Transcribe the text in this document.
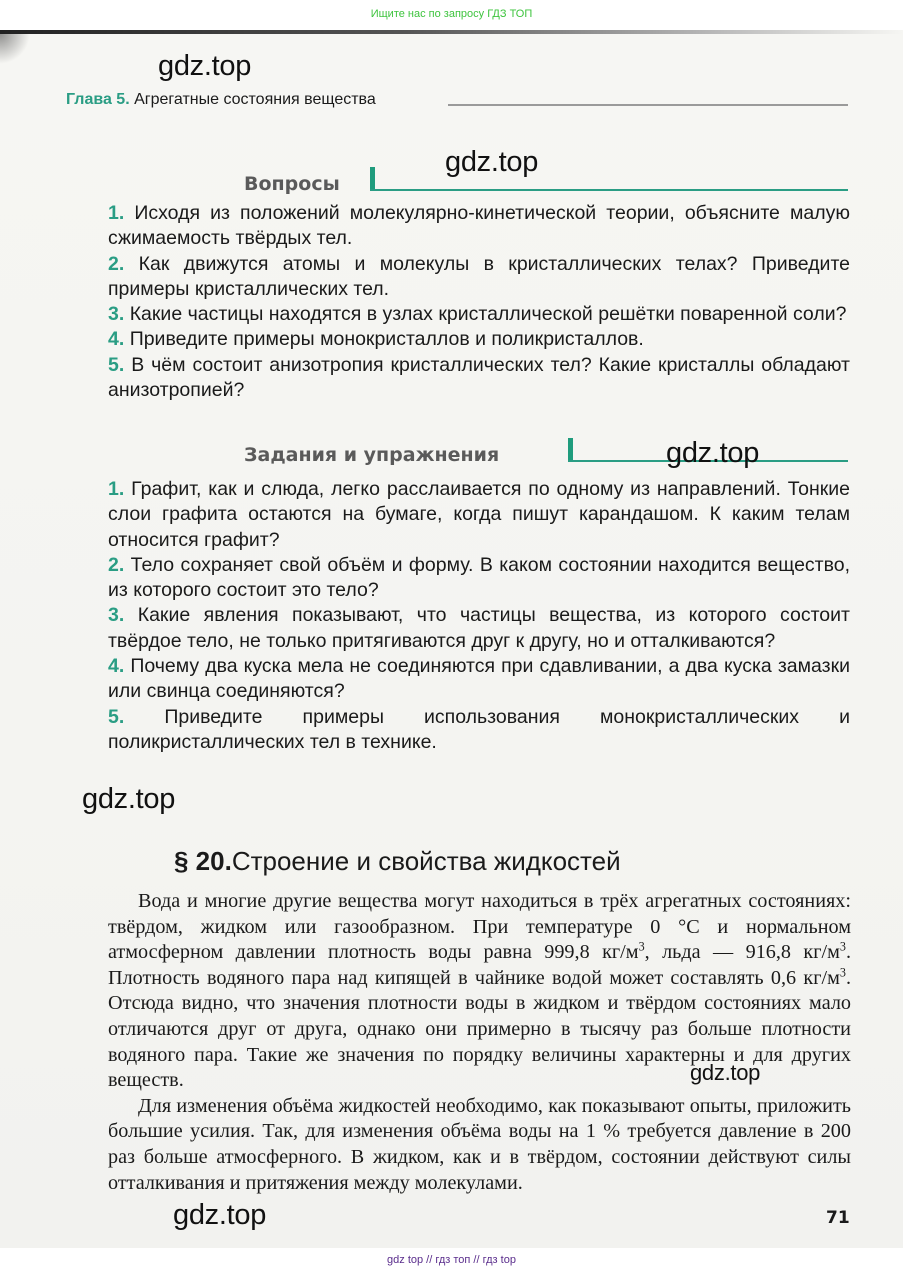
Ищите нас по запросу ГДЗ ТОП
gdz.top
Глава 5. Агрегатные состояния вещества
Вопросы
gdz.top

1. Исходя из положений молекулярно-кинетической теории, объясните малую сжимаемость твёрдых тел.

2. Как движутся атомы и молекулы в кристаллических телах? Приведите примеры кристаллических тел.

3. Какие частицы находятся в узлах кристаллической решётки поваренной соли?

4. Приведите примеры монокристаллов и поликристаллов.

5. В чём состоит анизотропия кристаллических тел? Какие кристаллы обладают анизотропией?

Задания и упражнения	gdz.top

1. Графит, как и слюда, легко расслаивается по одному из направлений. Тонкие слои графита остаются на бумаге, когда пишут карандашом. К каким телам относится графит?

2. Тело сохраняет свой объём и форму. В каком состоянии находится вещество, из которого состоит это тело?

3. Какие явления показывают, что частицы вещества, из которого состоит твёрдое тело, не только притягиваются друг к другу, но и отталкиваются?

4. Почему два куска мела не соединяются при сдавливании, а два куска замазки или свинца соединяются?

5. Приведите примеры использования монокристаллических и поликристаллических тел в технике.

gdz.top
§ 20.Строение и свойства жидкостей

Вода и многие другие вещества могут находиться в трёх агрегатных состояниях: твёрдом, жидком или газообразном. При температуре 0 °С и нормальном атмосферном давлении плотность воды равна 999,8 $кг/м^3$, льда — 916,8 $кг/м^3$. Плотность водяного пара над кипящей в чайнике водой может составлять 0,6 $кг/м^3$. Отсюда видно, что значения плотности воды в жидком и твёрдом состояниях мало отличаются друг от друга, однако они примерно в тысячу раз больше плотности водяного пара. Такие же значения по порядку величины характерны и для других веществ.

Для изменения объёма жидкостей необходимо, как показывают опыты, приложить большие усилия. Так, для изменения объёма воды на 1 % требуется давление в 200 раз больше атмосферного. В жидком, как и в твёрдом, состоянии действуют силы отталкивания и притяжения между молекулами.

gdz.top
gdz.top	71
gdz top // гдз топ // гдз top
